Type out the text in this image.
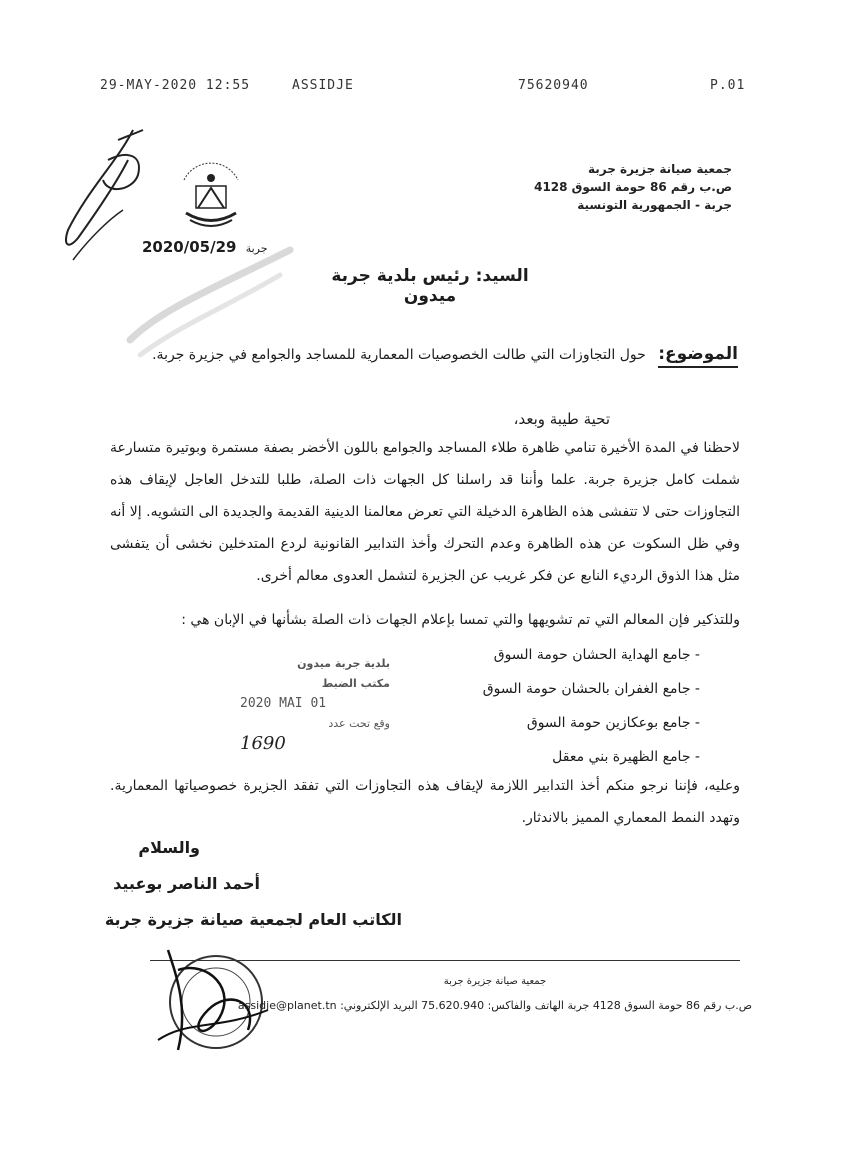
29-MAY-2020 12:55	ASSIDJE	75620940	P.01
جمعية صيانة جزيرة جربة
ص.ب رقم 86 حومة السوق 4128
جربة - الجمهورية التونسية
2020/05/29 جربة
السيد: رئيس بلدية جربة ميدون
الموضوع: حول التجاوزات التي طالت الخصوصيات المعمارية للمساجد والجوامع في جزيرة جربة.
تحية طيبة وبعد،
لاحظنا في المدة الأخيرة تنامي ظاهرة طلاء المساجد والجوامع باللون الأخضر بصفة مستمرة وبوتيرة متسارعة شملت كامل جزيرة جربة. علما وأننا قد راسلنا كل الجهات ذات الصلة، طلبا للتدخل العاجل لإيقاف هذه التجاوزات حتى لا تتفشى هذه الظاهرة الدخيلة التي تعرض معالمنا الدينية القديمة والجديدة الى التشويه. إلا أنه وفي ظل السكوت عن هذه الظاهرة وعدم التحرك وأخذ التدابير القانونية لردع المتدخلين نخشى أن يتفشى مثل هذا الذوق الرديء النابع عن فكر غريب عن الجزيرة لتشمل العدوى معالم أخرى.
وللتذكير فإن المعالم التي تم تشويهها والتي تمسا بإعلام الجهات ذات الصلة بشأنها في الإبان هي :
- جامع الهداية الحشان حومة السوق
- جامع الغفران بالحشان حومة السوق
- جامع بوعكازين حومة السوق
- جامع الظهيرة بني معقل
بلدية جربة ميدون
مكتب الضبط
2020 MAI 01
وقع تحت عدد
1690
وعليه، فإننا نرجو منكم أخذ التدابير اللازمة لإيقاف هذه التجاوزات التي تفقد الجزيرة خصوصياتها المعمارية. وتهدد النمط المعماري المميز بالاندثار.
والسلام
أحمد الناصر بوعبيد
الكاتب العام لجمعية صيانة جزيرة جربة
جمعية صيانة جزيرة جربة
ص.ب رقم 86 حومة السوق 4128 جربة الهاتف والفاكس: 75.620.940 البريد الإلكتروني: assidje@planet.tn
